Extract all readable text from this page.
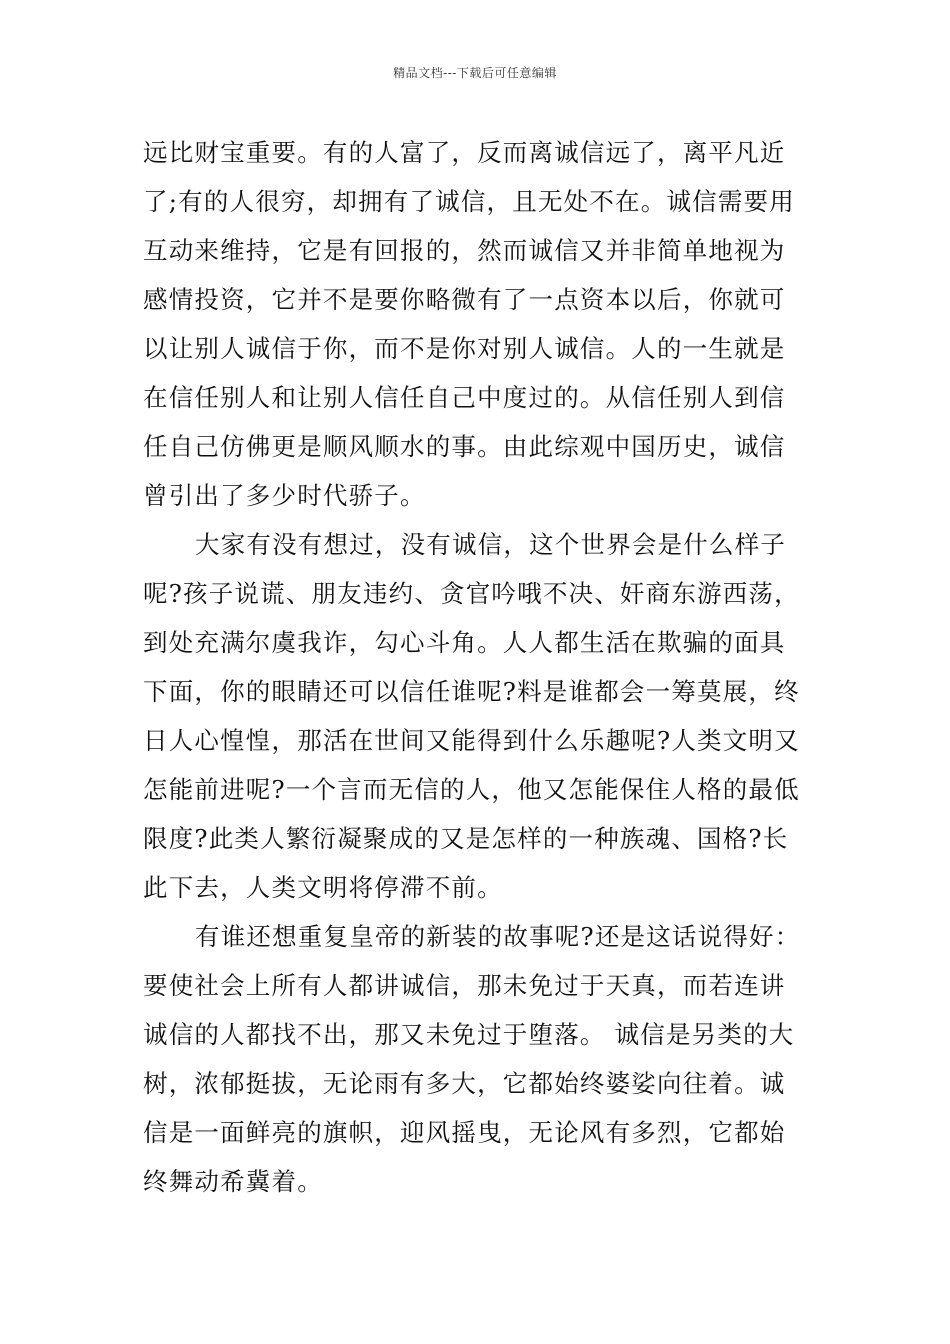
精品文档---下载后可任意编辑
远比财宝重要。有的人富了，反而离诚信远了，离平凡近
了;有的人很穷，却拥有了诚信，且无处不在。诚信需要用
互动来维持，它是有回报的，然而诚信又并非简单地视为
感情投资，它并不是要你略微有了一点资本以后，你就可
以让别人诚信于你，而不是你对别人诚信。人的一生就是
在信任别人和让别人信任自己中度过的。从信任别人到信
任自己仿佛更是顺风顺水的事。由此综观中国历史，诚信
曾引出了多少时代骄子。
大家有没有想过，没有诚信，这个世界会是什么样子
呢?孩子说谎、朋友违约、贪官吟哦不决、奸商东游西荡，
到处充满尔虞我诈，勾心斗角。人人都生活在欺骗的面具
下面，你的眼睛还可以信任谁呢?料是谁都会一筹莫展，终
日人心惶惶，那活在世间又能得到什么乐趣呢?人类文明又
怎能前进呢?一个言而无信的人，他又怎能保住人格的最低
限度?此类人繁衍凝聚成的又是怎样的一种族魂、国格?长
此下去，人类文明将停滞不前。
有谁还想重复皇帝的新装的故事呢?还是这话说得好：
要使社会上所有人都讲诚信，那未免过于天真，而若连讲
诚信的人都找不出，那又未免过于堕落。 诚信是另类的大
树，浓郁挺拔，无论雨有多大，它都始终婆娑向往着。诚
信是一面鲜亮的旗帜，迎风摇曳，无论风有多烈，它都始
终舞动希冀着。
